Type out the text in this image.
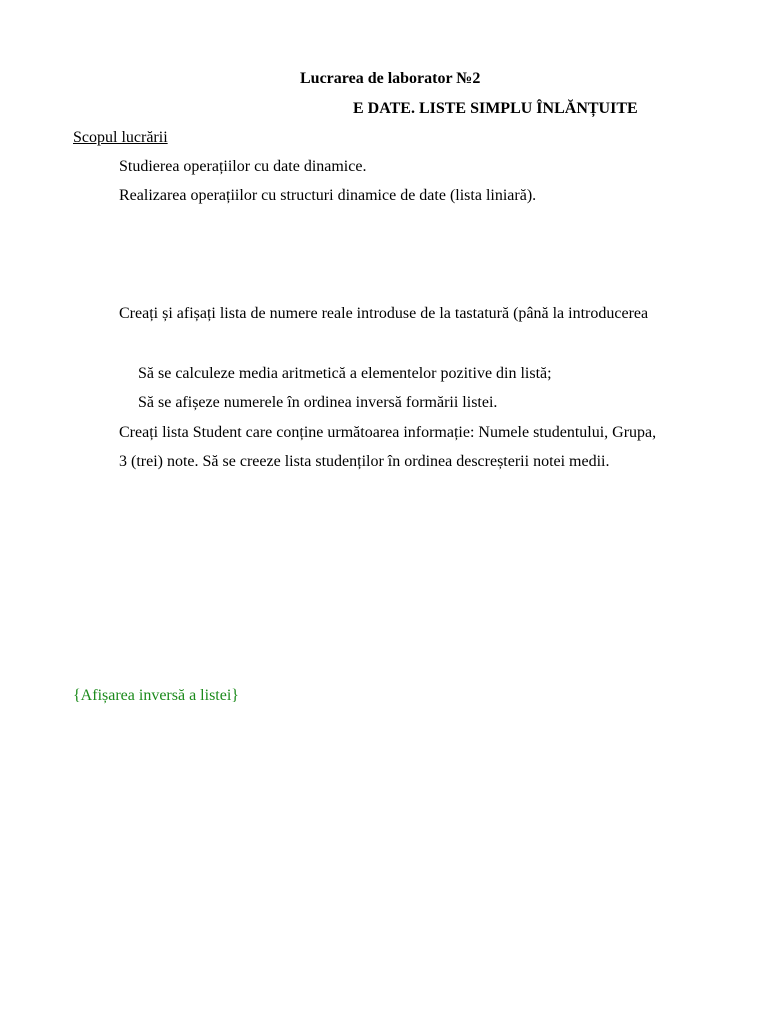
Lucrarea de laborator №2
E DATE. LISTE SIMPLU ÎNLĂNȚUITE
Scopul lucrării
Studierea operațiilor cu date dinamice.
Realizarea operațiilor cu structuri dinamice de date (lista liniară).
Creați și afișați lista de numere reale introduse de la tastatură (până la introducerea
Să se calculeze media aritmetică a elementelor pozitive din listă;
Să se afișeze numerele în ordinea inversă formării listei.
Creați lista Student care conține următoarea informație: Numele studentului, Grupa,
3 (trei) note. Să se creeze lista studenților în ordinea descreșterii notei medii.
{Afișarea inversă a listei}
